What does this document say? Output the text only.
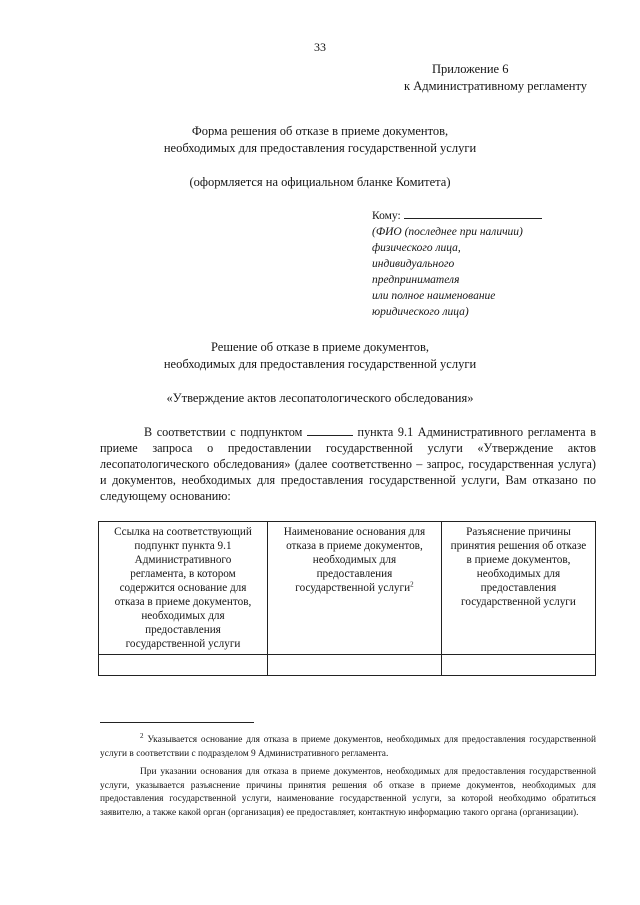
33
Приложение 6
к Административному регламенту
Форма решения об отказе в приеме документов,
необходимых для предоставления государственной услуги
(оформляется на официальном бланке Комитета)
Кому:
(ФИО (последнее при наличии)
физического лица,
индивидуального
предпринимателя
или полное наименование
юридического лица)
Решение об отказе в приеме документов,
необходимых для предоставления государственной услуги
«Утверждение актов лесопатологического обследования»
В соответствии с подпунктом	пункта 9.1 Административного регламента в приеме запроса о предоставлении государственной услуги «Утверждение актов лесопатологического обследования» (далее соответственно – запрос, государственная услуга) и документов, необходимых для предоставления государственной услуги, Вам отказано по следующему основанию:
Ссылка на соответствующий подпункт пункта 9.1 Административного регламента, в котором содержится основание для отказа в приеме документов, необходимых для предоставления государственной услуги	Наименование основания для отказа в приеме документов, необходимых для предоставления государственной услуги$^2$	Разъяснение причины принятия решения об отказе в приеме документов, необходимых для предоставления государственной услуги

$^2$ Указывается основание для отказа в приеме документов, необходимых для предоставления государственной услуги в соответствии с подразделом 9 Административного регламента.
При указании основания для отказа в приеме документов, необходимых для предоставления государственной услуги, указывается разъяснение причины принятия решения об отказе в приеме документов, необходимых для предоставления государственной услуги, наименование государственной услуги, за которой необходимо обратиться заявителю, а также какой орган (организация) ее предоставляет, контактную информацию такого органа (организации).
